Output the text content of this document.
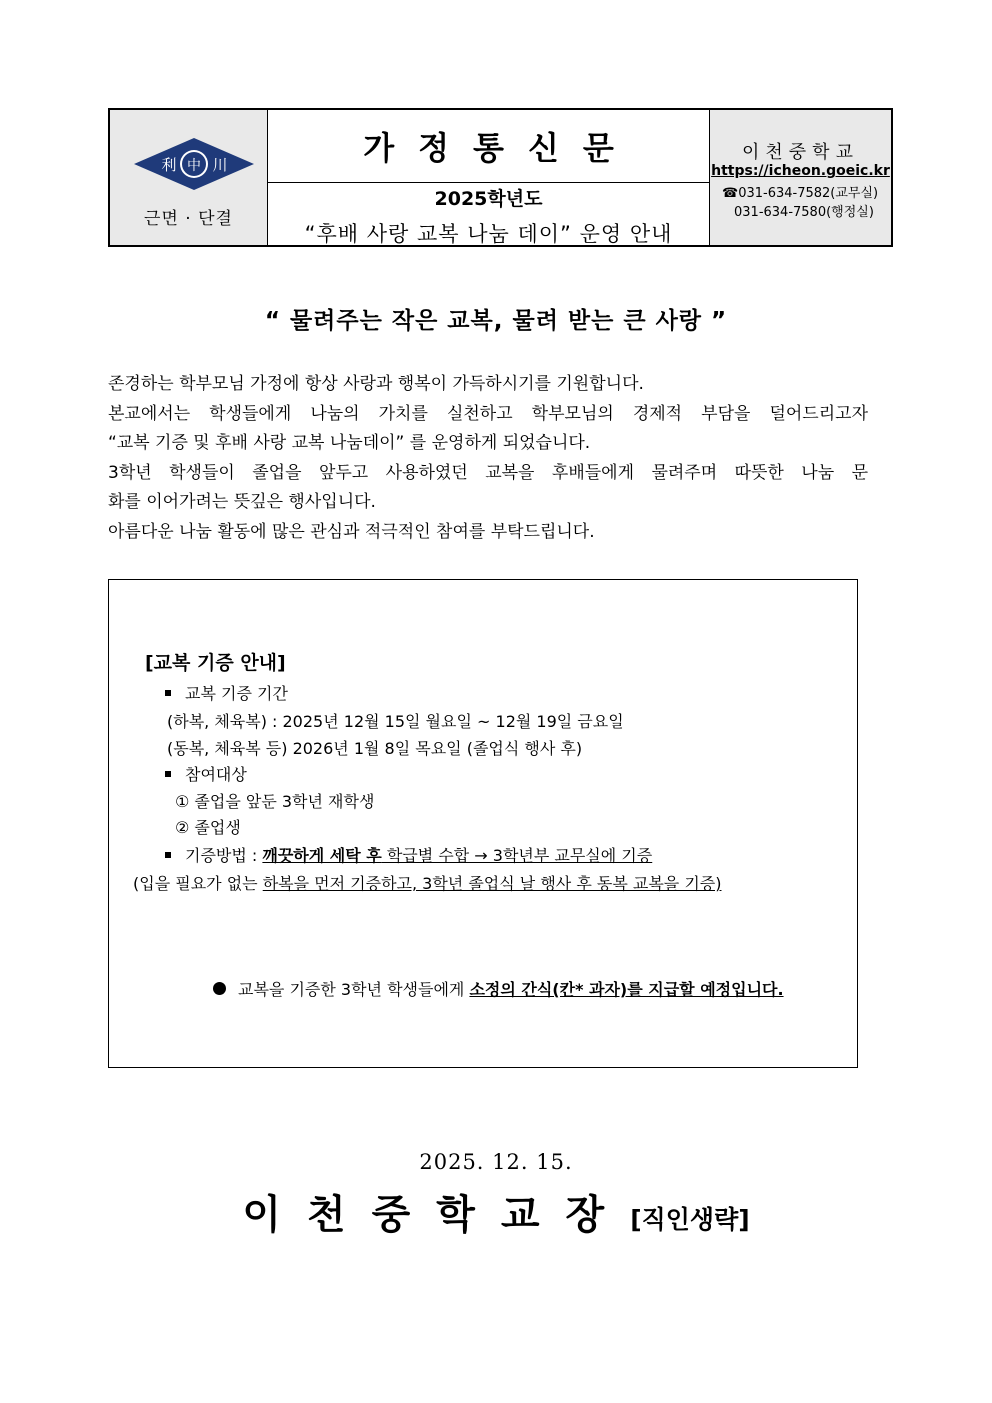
利 中 川
근면 · 단결
가정통신문
2025학년도
“후배 사랑 교복 나눔 데이” 운영 안내
이천중학교
https://icheon.goeic.kr
☎031-634-7582(교무실)
031-634-7580(행정실)
“ 물려주는 작은 교복, 물려 받는 큰 사랑 ”

존경하는 학부모님 가정에 항상 사랑과 행복이 가득하시기를 기원합니다.

본교에서는 학생들에게 나눔의 가치를 실천하고 학부모님의 경제적 부담을 덜어드리고자

“교복 기증 및 후배 사랑 교복 나눔데이” 를 운영하게 되었습니다.

3학년 학생들이 졸업을 앞두고 사용하였던 교복을 후배들에게 물려주며 따뜻한 나눔 문

화를 이어가려는 뜻깊은 행사입니다.

아름다운 나눔 활동에 많은 관심과 적극적인 참여를 부탁드립니다.

[교복 기증 안내]
교복 기증 기간
(하복, 체육복) : 2025년 12월 15일 월요일 ~ 12월 19일 금요일
(동복, 체육복 등) 2026년 1월 8일 목요일 (졸업식 행사 후)
참여대상
① 졸업을 앞둔 3학년 재학생
② 졸업생
기증방법 : 깨끗하게 세탁 후 학급별 수합 → 3학년부 교무실에 기증
(입을 필요가 없는 하복을 먼저 기증하고, 3학년 졸업식 날 행사 후 동복 교복을 기증)
교복을 기증한 3학년 학생들에게 소정의 간식(칸* 과자)를 지급할 예정입니다.
2025. 12. 15.
이천중학교장[직인생략]
